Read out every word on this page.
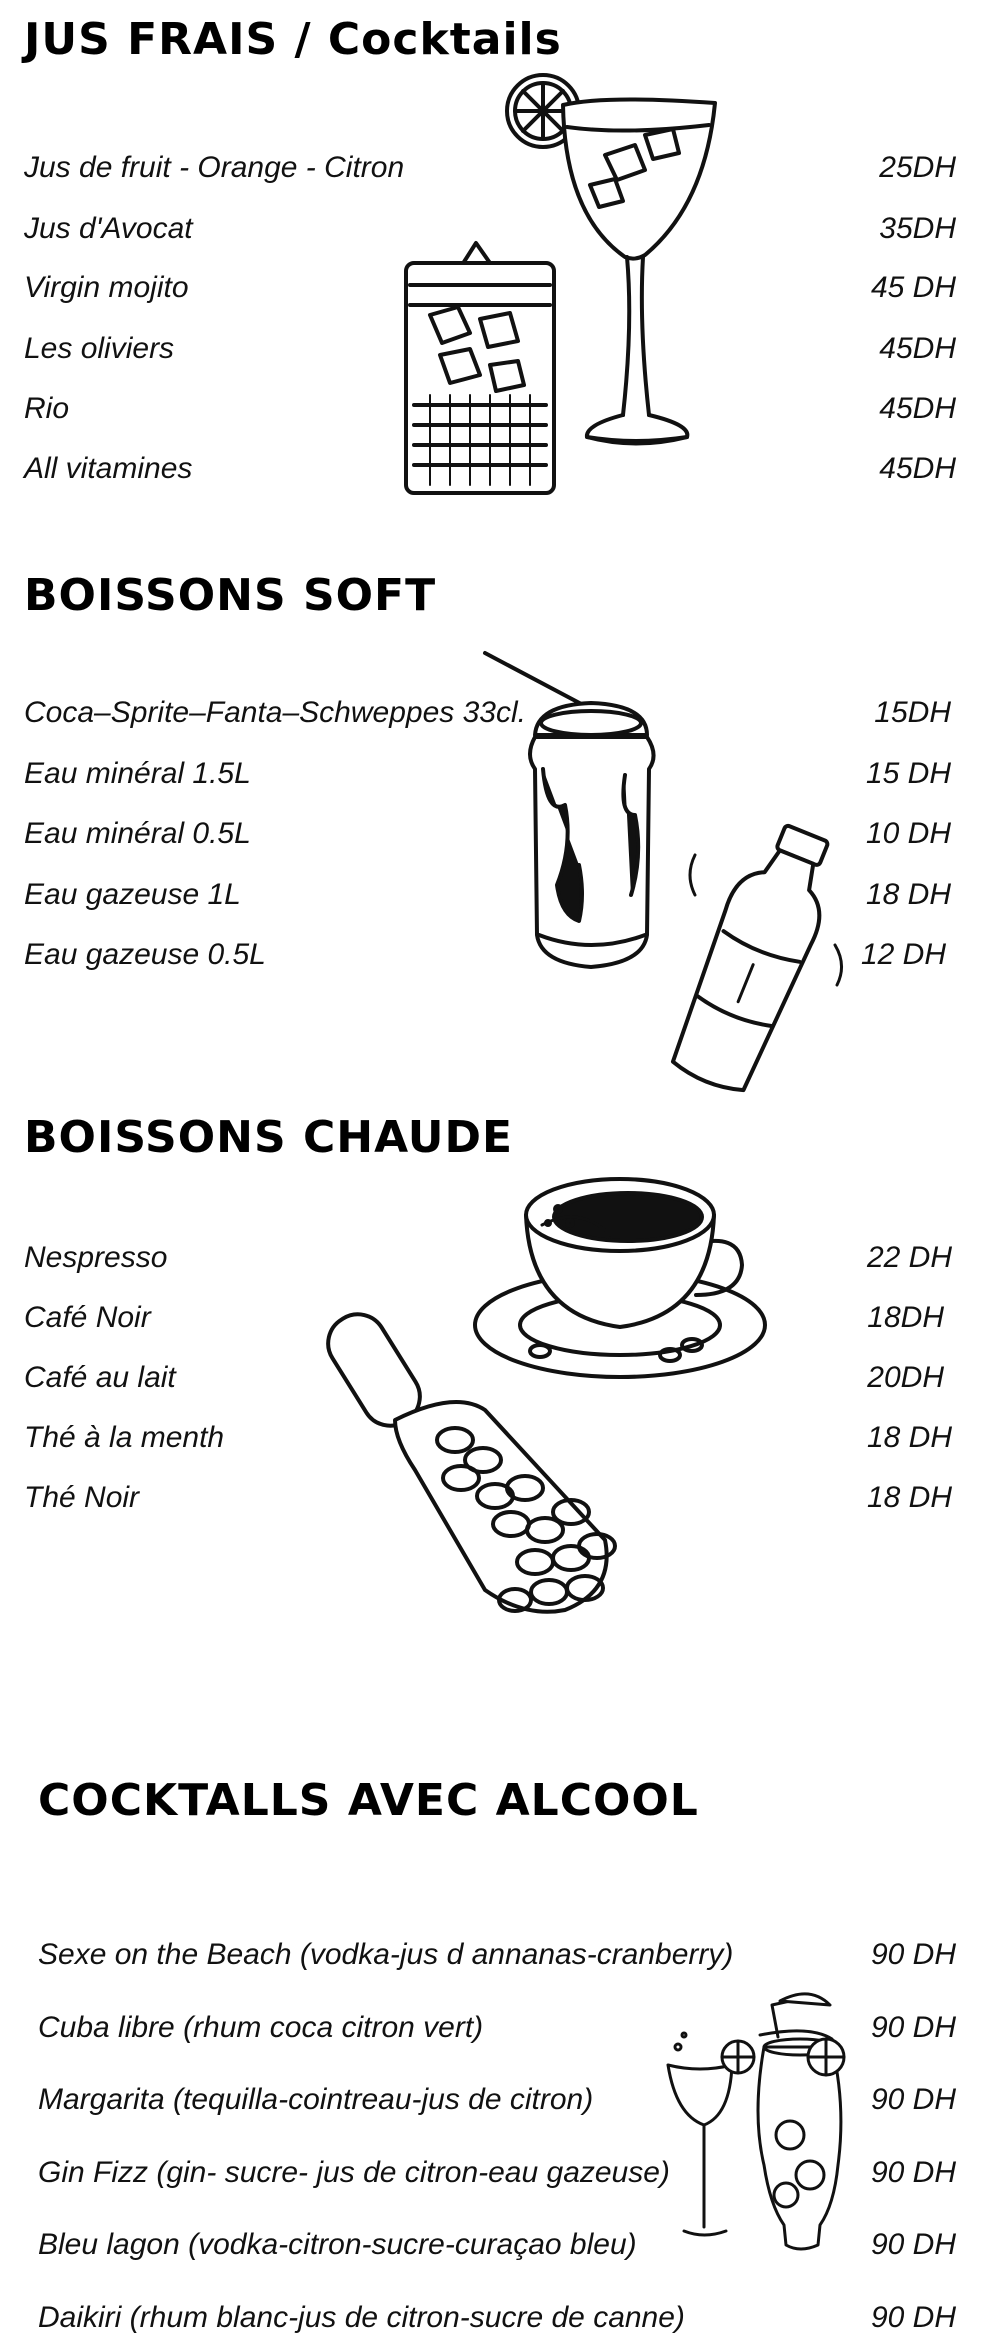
JUS FRAIS / Cocktails
Jus de fruit - Orange - Citron	25DH
Jus d'Avocat	35DH
Virgin mojito	45 DH
Les oliviers	45DH
Rio	45DH
All vitamines	45DH
BOISSONS SOFT
Coca–Sprite–Fanta–Schweppes 33cl.	15DH
Eau minéral 1.5L	15 DH
Eau minéral 0.5L	10 DH
Eau gazeuse 1L	18 DH
Eau gazeuse 0.5L	12 DH
BOISSONS CHAUDE
Nespresso	22 DH
Café Noir	18DH
Café au lait	20DH
Thé à la menth	18 DH
Thé Noir	18 DH
COCKTALLS AVEC ALCOOL
Sexe on the Beach (vodka-jus d annanas-cranberry)	90 DH
Cuba libre (rhum coca citron vert)	90 DH
Margarita (tequilla-cointreau-jus de citron)	90 DH
Gin Fizz (gin- sucre- jus de citron-eau gazeuse)	90 DH
Bleu lagon (vodka-citron-sucre-curaçao bleu)	90 DH
Daikiri (rhum blanc-jus de citron-sucre de canne)	90 DH
